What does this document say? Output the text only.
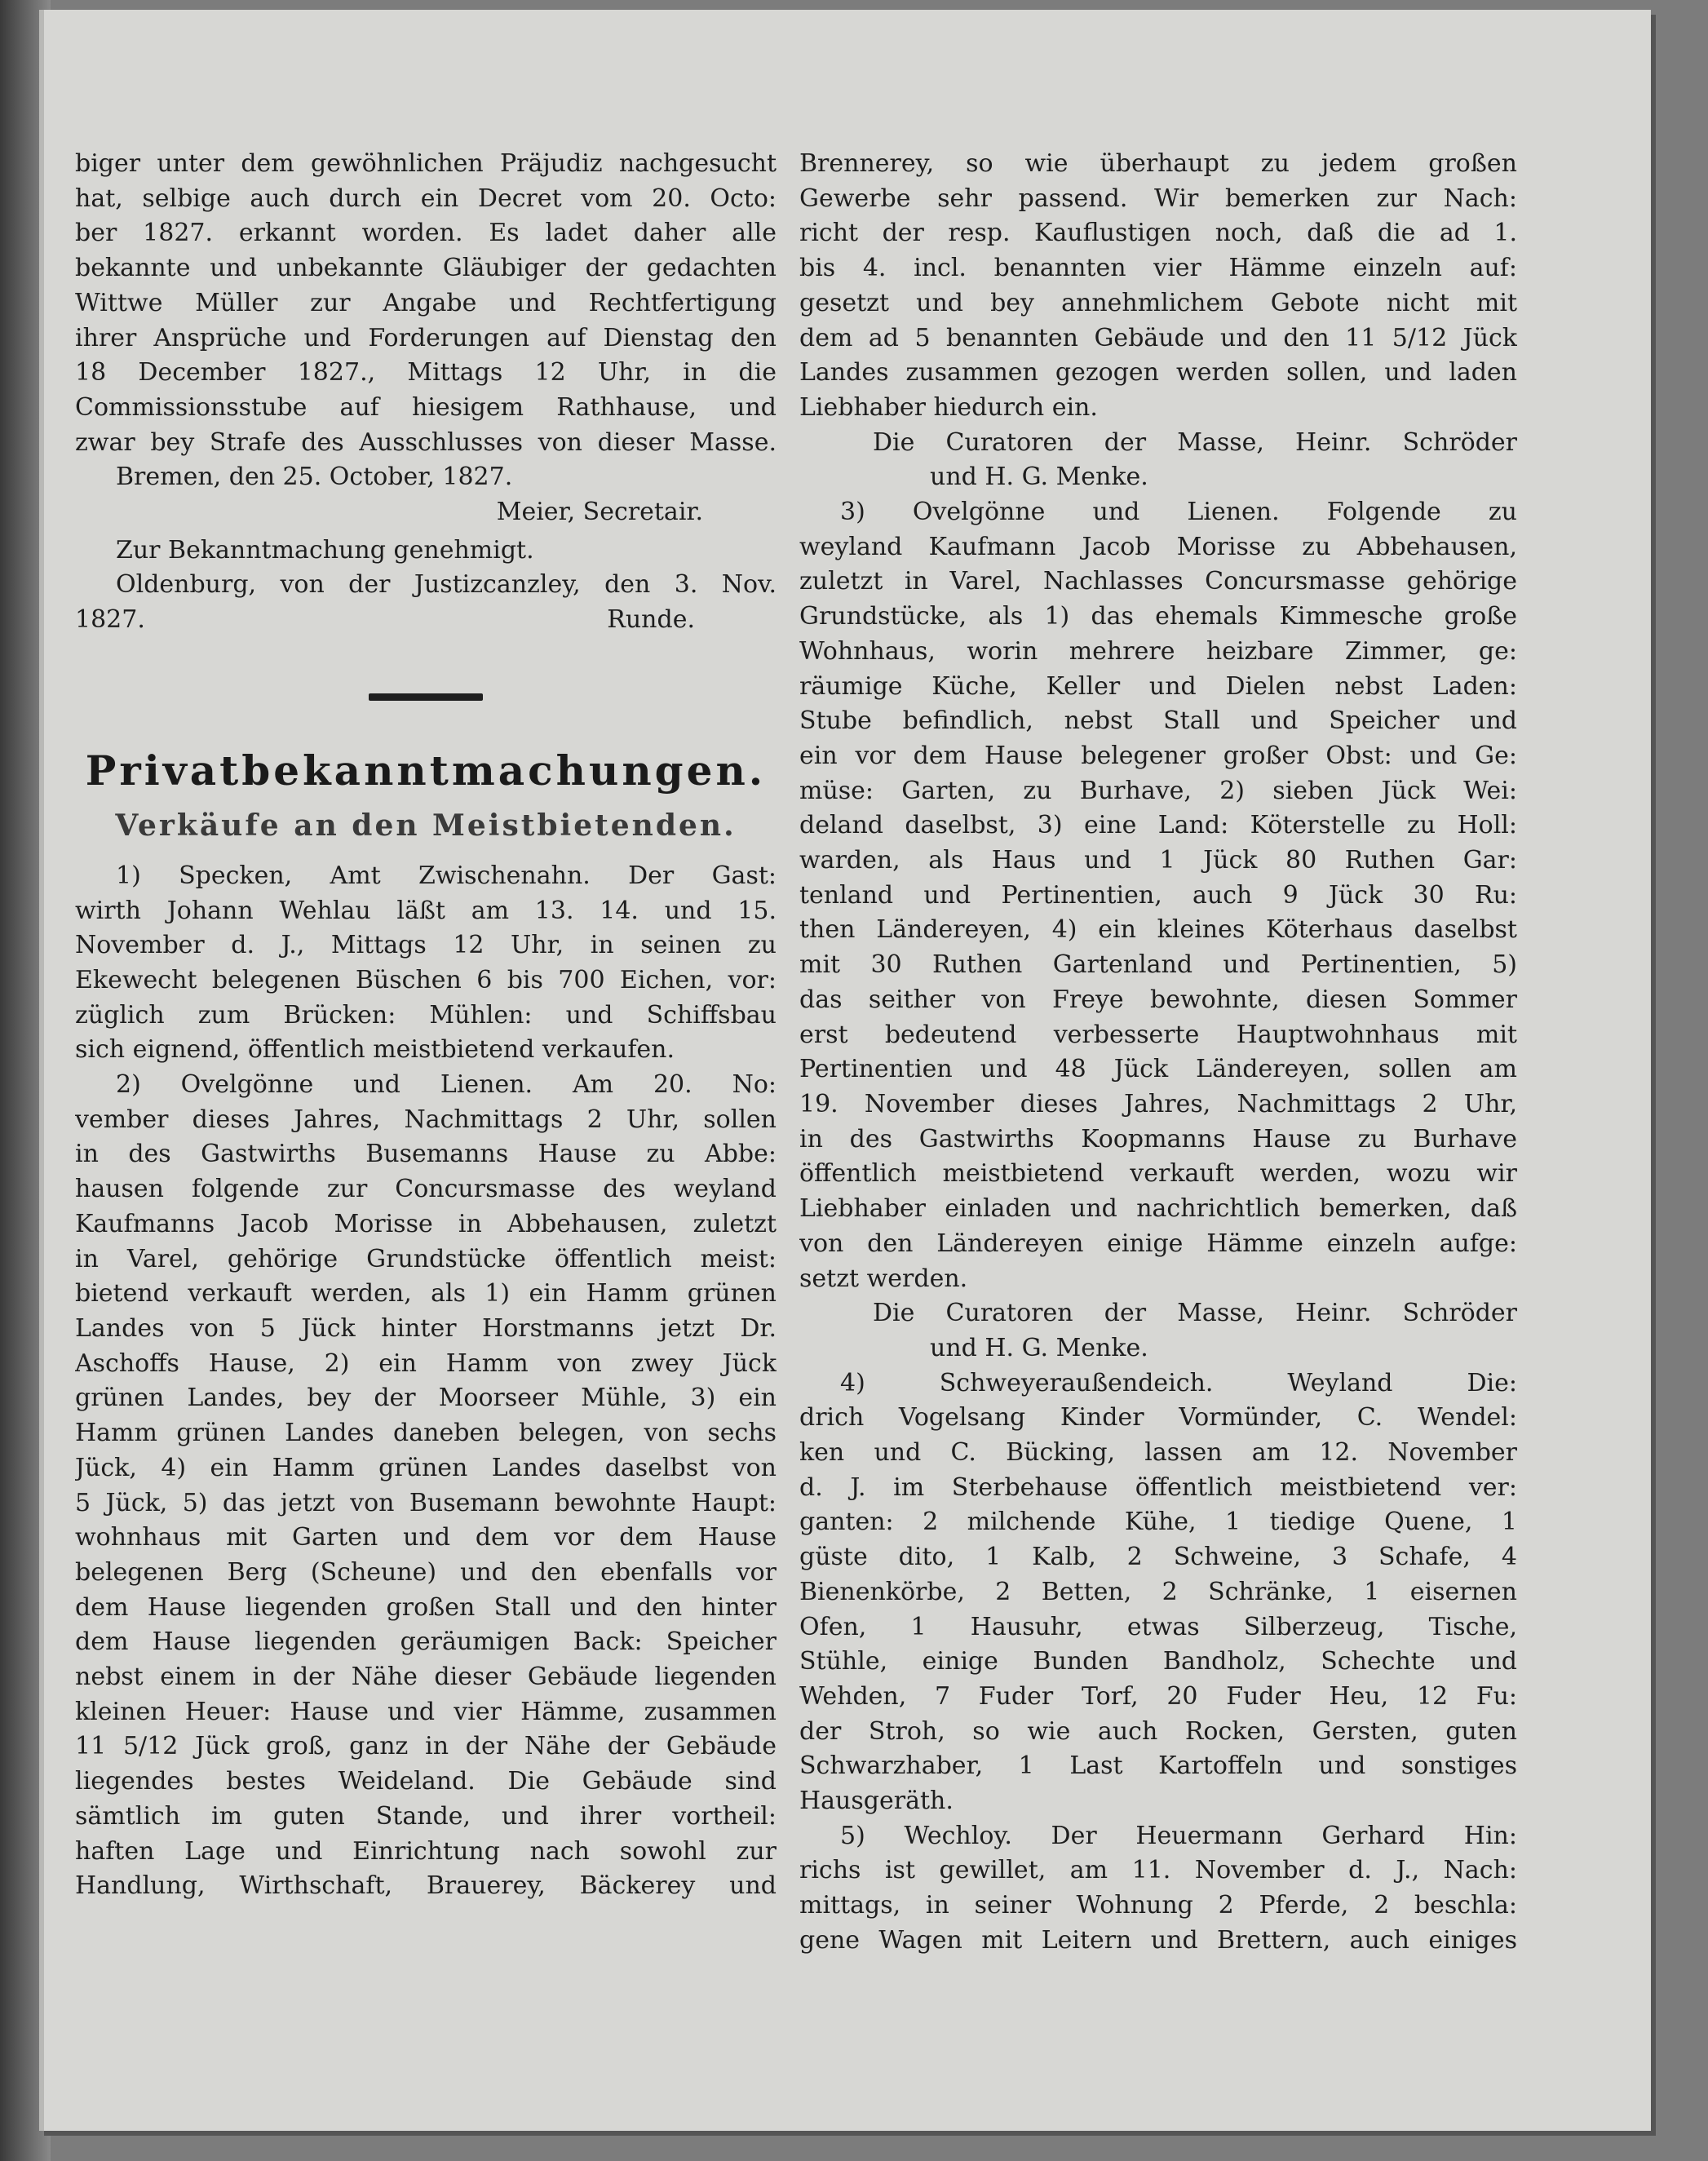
biger unter dem gewöhnlichen Präjudiz nachgesucht
hat, selbige auch durch ein Decret vom 20. Octo:
ber 1827. erkannt worden. Es ladet daher alle
bekannte und unbekannte Gläubiger der gedachten
Wittwe Müller zur Angabe und Rechtfertigung
ihrer Ansprüche und Forderungen auf Dienstag den
18 December 1827., Mittags 12 Uhr, in die
Commissionsstube auf hiesigem Rathhause, und
zwar bey Strafe des Ausschlusses von dieser Masse.
Bremen, den 25. October, 1827.
Meier, Secretair.
Zur Bekanntmachung genehmigt.
Oldenburg, von der Justizcanzley, den 3. Nov.
1827.	Runde.
Privatbekanntmachungen.
Verkäufe an den Meistbietenden.
1) Specken, Amt Zwischenahn. Der Gast:
wirth Johann Wehlau läßt am 13. 14. und 15.
November d. J., Mittags 12 Uhr, in seinen zu
Ekewecht belegenen Büschen 6 bis 700 Eichen, vor:
züglich zum Brücken: Mühlen: und Schiffsbau
sich eignend, öffentlich meistbietend verkaufen.
2) Ovelgönne und Lienen. Am 20. No:
vember dieses Jahres, Nachmittags 2 Uhr, sollen
in des Gastwirths Busemanns Hause zu Abbe:
hausen folgende zur Concursmasse des weyland
Kaufmanns Jacob Morisse in Abbehausen, zuletzt
in Varel, gehörige Grundstücke öffentlich meist:
bietend verkauft werden, als 1) ein Hamm grünen
Landes von 5 Jück hinter Horstmanns jetzt Dr.
Aschoffs Hause, 2) ein Hamm von zwey Jück
grünen Landes, bey der Moorseer Mühle, 3) ein
Hamm grünen Landes daneben belegen, von sechs
Jück, 4) ein Hamm grünen Landes daselbst von
5 Jück, 5) das jetzt von Busemann bewohnte Haupt:
wohnhaus mit Garten und dem vor dem Hause
belegenen Berg (Scheune) und den ebenfalls vor
dem Hause liegenden großen Stall und den hinter
dem Hause liegenden geräumigen Back: Speicher
nebst einem in der Nähe dieser Gebäude liegenden
kleinen Heuer: Hause und vier Hämme, zusammen
11 5/12 Jück groß, ganz in der Nähe der Gebäude
liegendes bestes Weideland. Die Gebäude sind
sämtlich im guten Stande, und ihrer vortheil:
haften Lage und Einrichtung nach sowohl zur
Handlung, Wirthschaft, Brauerey, Bäckerey und
Brennerey, so wie überhaupt zu jedem großen
Gewerbe sehr passend. Wir bemerken zur Nach:
richt der resp. Kauflustigen noch, daß die ad 1.
bis 4. incl. benannten vier Hämme einzeln auf:
gesetzt und bey annehmlichem Gebote nicht mit
dem ad 5 benannten Gebäude und den 11 5/12 Jück
Landes zusammen gezogen werden sollen, und laden
Liebhaber hiedurch ein.
Die Curatoren der Masse, Heinr. Schröder
und H. G. Menke.
3) Ovelgönne und Lienen. Folgende zu
weyland Kaufmann Jacob Morisse zu Abbehausen,
zuletzt in Varel, Nachlasses Concursmasse gehörige
Grundstücke, als 1) das ehemals Kimmesche große
Wohnhaus, worin mehrere heizbare Zimmer, ge:
räumige Küche, Keller und Dielen nebst Laden:
Stube befindlich, nebst Stall und Speicher und
ein vor dem Hause belegener großer Obst: und Ge:
müse: Garten, zu Burhave, 2) sieben Jück Wei:
deland daselbst, 3) eine Land: Köterstelle zu Holl:
warden, als Haus und 1 Jück 80 Ruthen Gar:
tenland und Pertinentien, auch 9 Jück 30 Ru:
then Ländereyen, 4) ein kleines Köterhaus daselbst
mit 30 Ruthen Gartenland und Pertinentien, 5)
das seither von Freye bewohnte, diesen Sommer
erst bedeutend verbesserte Hauptwohnhaus mit
Pertinentien und 48 Jück Ländereyen, sollen am
19. November dieses Jahres, Nachmittags 2 Uhr,
in des Gastwirths Koopmanns Hause zu Burhave
öffentlich meistbietend verkauft werden, wozu wir
Liebhaber einladen und nachrichtlich bemerken, daß
von den Ländereyen einige Hämme einzeln aufge:
setzt werden.
Die Curatoren der Masse, Heinr. Schröder
und H. G. Menke.
4) Schweyeraußendeich. Weyland Die:
drich Vogelsang Kinder Vormünder, C. Wendel:
ken und C. Bücking, lassen am 12. November
d. J. im Sterbehause öffentlich meistbietend ver:
ganten: 2 milchende Kühe, 1 tiedige Quene, 1
güste dito, 1 Kalb, 2 Schweine, 3 Schafe, 4
Bienenkörbe, 2 Betten, 2 Schränke, 1 eisernen
Ofen, 1 Hausuhr, etwas Silberzeug, Tische,
Stühle, einige Bunden Bandholz, Schechte und
Wehden, 7 Fuder Torf, 20 Fuder Heu, 12 Fu:
der Stroh, so wie auch Rocken, Gersten, guten
Schwarzhaber, 1 Last Kartoffeln und sonstiges
Hausgeräth.
5) Wechloy. Der Heuermann Gerhard Hin:
richs ist gewillet, am 11. November d. J., Nach:
mittags, in seiner Wohnung 2 Pferde, 2 beschla:
gene Wagen mit Leitern und Brettern, auch einiges
